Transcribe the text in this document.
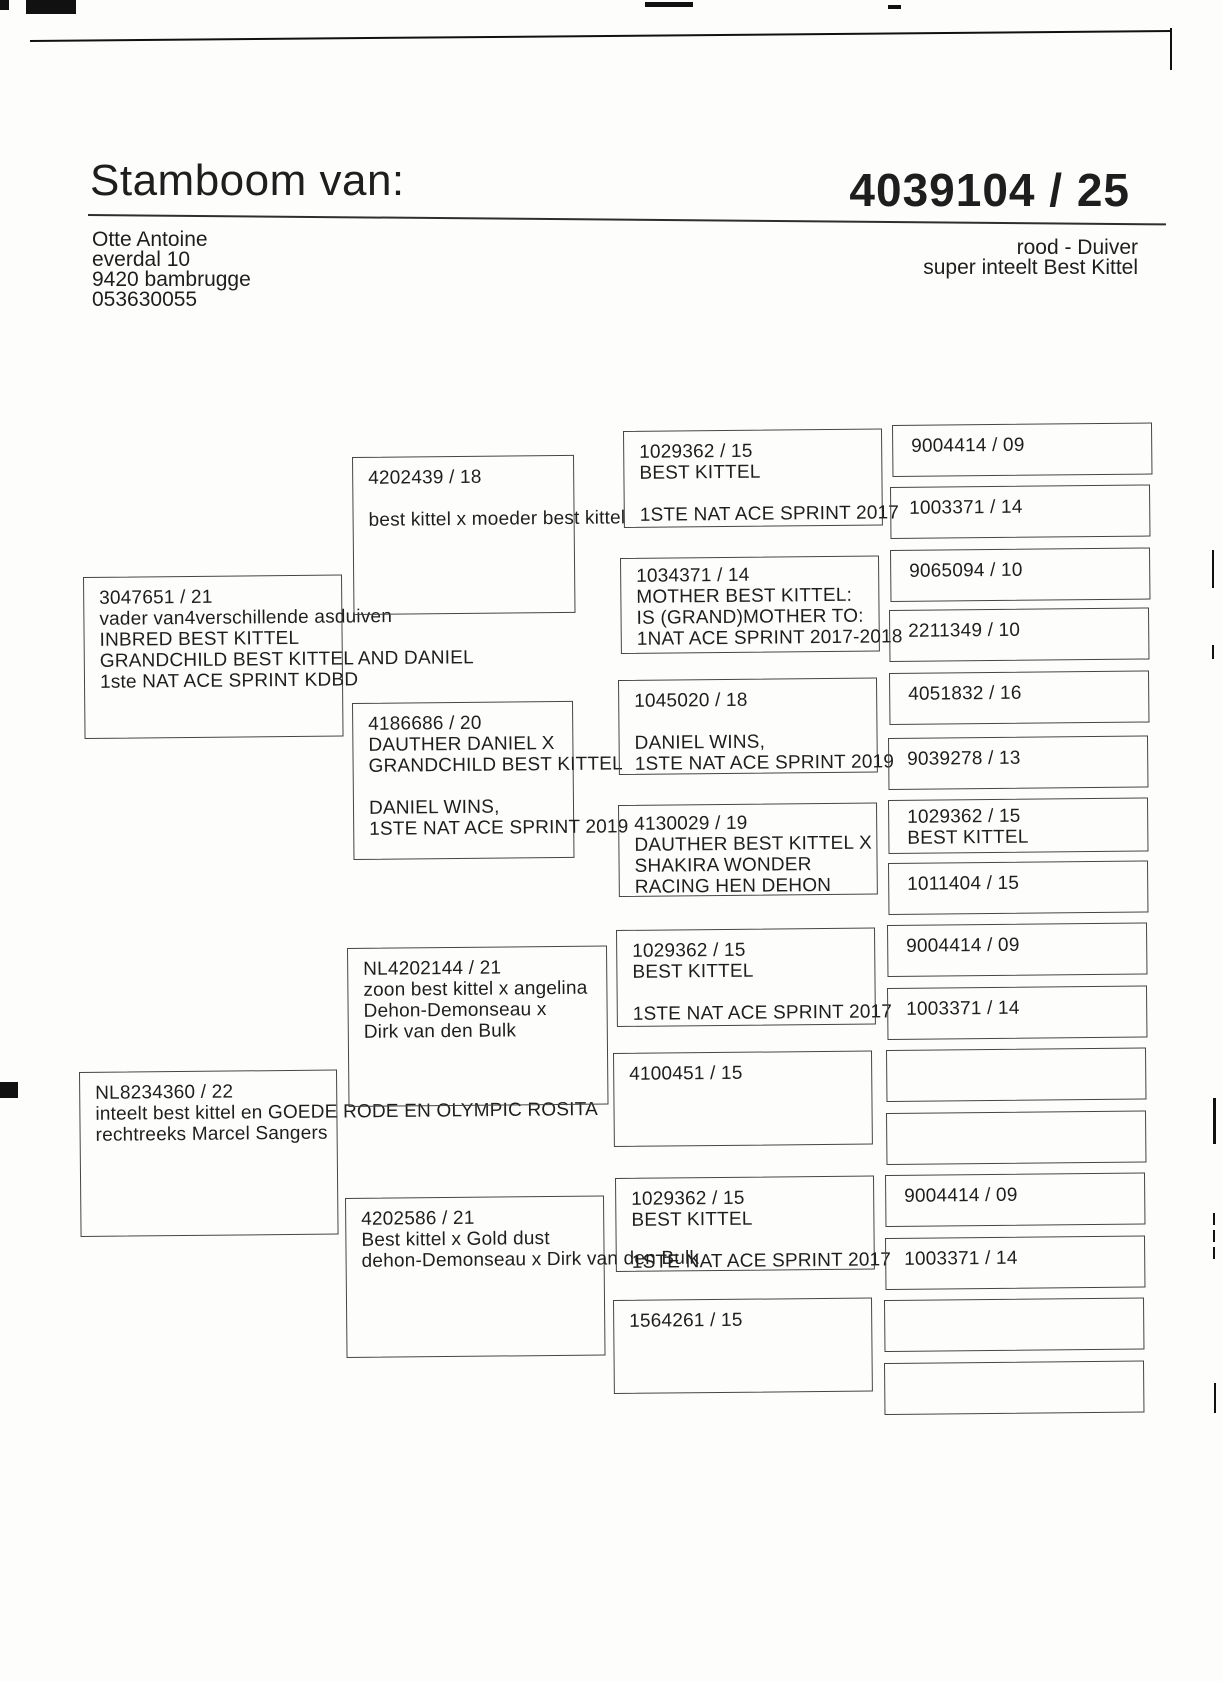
Stamboom van:	4039104 / 25
Otte Antoine
everdal 10
9420 bambrugge
053630055
rood - Duiver
super inteelt Best Kittel
3047651 / 21
vader van4verschillende asduiven
INBRED BEST KITTEL
GRANDCHILD BEST KITTEL AND DANIEL
1ste NAT ACE SPRINT KDBD
NL8234360 / 22
inteelt best kittel en GOEDE RODE EN OLYMPIC ROSITA
rechtreeks Marcel Sangers
4202439 / 18

best kittel x moeder best kittel
4186686 / 20
DAUTHER DANIEL X
GRANDCHILD BEST KITTEL

DANIEL WINS,
1STE NAT ACE SPRINT 2019
NL4202144 / 21
zoon best kittel x angelina
Dehon-Demonseau x
Dirk van den Bulk
4202586 / 21
Best kittel x Gold dust
dehon-Demonseau x Dirk van den Bulk
1029362 / 15
BEST KITTEL

1STE NAT ACE SPRINT 2017
1034371 / 14
MOTHER BEST KITTEL:
IS (GRAND)MOTHER TO:
1NAT ACE SPRINT 2017-2018
1045020 / 18

DANIEL WINS,
1STE NAT ACE SPRINT 2019
4130029 / 19
DAUTHER BEST KITTEL X
SHAKIRA WONDER
RACING HEN DEHON
1029362 / 15
BEST KITTEL

1STE NAT ACE SPRINT 2017
4100451 / 15
1029362 / 15
BEST KITTEL

1STE NAT ACE SPRINT 2017
1564261 / 15
9004414 / 09
1003371 / 14
9065094 / 10
2211349 / 10
4051832 / 16
9039278 / 13
1029362 / 15
BEST KITTEL
1011404 / 15
9004414 / 09
1003371 / 14
9004414 / 09
1003371 / 14
